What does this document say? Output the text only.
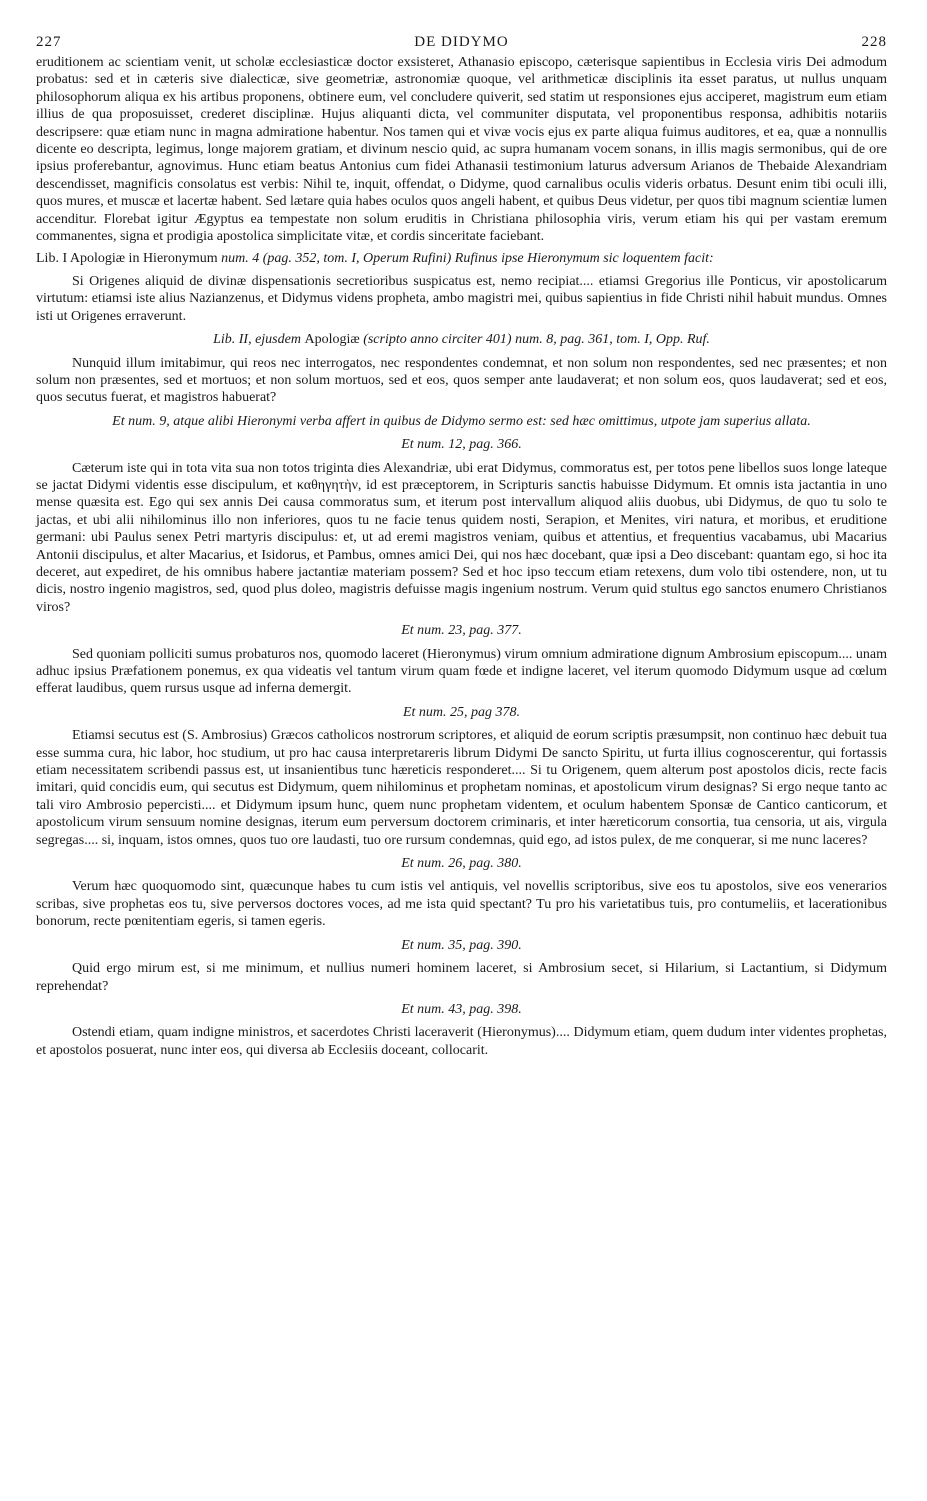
227	DE DIDYMO	228

eruditionem ac scientiam venit, ut scholæ ecclesiasticæ doctor exsisteret, Athanasio episcopo, cæterisque sapientibus in Ecclesia viris Dei admodum probatus: sed et in cæteris sive dialecticæ, sive geometriæ, astronomiæ quoque, vel arithmeticæ disciplinis ita esset paratus, ut nullus unquam philosophorum aliqua ex his artibus proponens, obtinere eum, vel concludere quiverit, sed statim ut responsiones ejus acciperet, magistrum eum etiam illius de qua proposuisset, crederet disciplinæ. Hujus aliquanti dicta, vel communiter disputata, vel proponentibus responsa, adhibitis notariis descripsere: quæ etiam nunc in magna admiratione habentur. Nos tamen qui et vivæ vocis ejus ex parte aliqua fuimus auditores, et ea, quæ a nonnullis dicente eo descripta, legimus, longe majorem gratiam, et divinum nescio quid, ac supra humanam vocem sonans, in illis magis sermonibus, qui de ore ipsius proferebantur, agnovimus. Hunc etiam beatus Antonius cum fidei Athanasii testimonium laturus adversum Arianos de Thebaide Alexandriam descendisset, magnificis consolatus est verbis: Nihil te, inquit, offendat, o Didyme, quod carnalibus oculis videris orbatus. Desunt enim tibi oculi illi, quos mures, et muscæ et lacertæ habent. Sed lætare quia habes oculos quos angeli habent, et quibus Deus videtur, per quos tibi magnum scientiæ lumen accenditur. Florebat igitur Ægyptus ea tempestate non solum eruditis in Christiana philosophia viris, verum etiam his qui per vastam eremum commanentes, signa et prodigia apostolica simplicitate vitæ, et cordis sinceritate faciebant.

Lib. I Apologiæ in Hieronymum num. 4 (pag. 352, tom. I, Operum Rufini) Rufinus ipse Hieronymum sic loquentem facit:

Si Origenes aliquid de divinæ dispensationis secretioribus suspicatus est, nemo recipiat.... etiamsi Gregorius ille Ponticus, vir apostolicarum virtutum: etiamsi iste alius Nazianzenus, et Didymus videns propheta, ambo magistri mei, quibus sapientius in fide Christi nihil habuit mundus. Omnes isti ut Origenes erraverunt.

Lib. II, ejusdem Apologiæ (scripto anno circiter 401) num. 8, pag. 361, tom. I, Opp. Ruf.

Nunquid illum imitabimur, qui reos nec interrogatos, nec respondentes condemnat, et non solum non respondentes, sed nec præsentes; et non solum non præsentes, sed et mortuos; et non solum mortuos, sed et eos, quos semper ante laudaverat; et non solum eos, quos laudaverat; sed et eos, quos secutus fuerat, et magistros habuerat?

Et num. 9, atque alibi Hieronymi verba affert in quibus de Didymo sermo est: sed hæc omittimus, utpote jam superius allata.

Et num. 12, pag. 366.

Cæterum iste qui in tota vita sua non totos triginta dies Alexandriæ, ubi erat Didymus, commoratus est, per totos pene libellos suos longe lateque se jactat Didymi videntis esse discipulum, et καθηγητὴν, id est præceptorem, in Scripturis sanctis habuisse Didymum. Et omnis ista jactantia in uno mense quæsita est. Ego qui sex annis Dei causa commoratus sum, et iterum post intervallum aliquod aliis duobus, ubi Didymus, de quo tu solo te jactas, et ubi alii nihilominus illo non inferiores, quos tu ne facie tenus quidem nosti, Serapion, et Menites, viri natura, et moribus, et eruditione germani: ubi Paulus senex Petri martyris discipulus: et, ut ad eremi magistros veniam, quibus et attentius, et frequentius vacabamus, ubi Macarius Antonii discipulus, et alter Macarius, et Isidorus, et Pambus, omnes amici Dei, qui nos hæc docebant, quæ ipsi a Deo discebant: quantam ego, si hoc ita deceret, aut expediret, de his omnibus habere jactantiæ materiam possem? Sed et hoc ipso teccum etiam retexens, dum volo tibi ostendere, non, ut tu dicis, nostro ingenio magistros, sed, quod plus doleo, magistris defuisse magis ingenium nostrum. Verum quid stultus ego sanctos enumero Christianos viros?

Et num. 23, pag. 377.

Sed quoniam polliciti sumus probaturos nos, quomodo laceret (Hieronymus) virum omnium admiratione dignum Ambrosium episcopum.... unam adhuc ipsius Præfationem ponemus, ex qua videatis vel tantum virum quam fœde et indigne laceret, vel iterum quomodo Didymum usque ad cœlum efferat laudibus, quem rursus usque ad inferna demergit.

Et num. 25, pag 378.

Etiamsi secutus est (S. Ambrosius) Græcos catholicos nostrorum scriptores, et aliquid de eorum scriptis præsumpsit, non continuo hæc debuit tua esse summa cura, hic labor, hoc studium, ut pro hac causa interpretareris librum Didymi De sancto Spiritu, ut furta illius cognoscerentur, qui fortassis etiam necessitatem scribendi passus est, ut insanientibus tunc hæreticis responderet.... Si tu Origenem, quem alterum post apostolos dicis, recte facis imitari, quid concidis eum, qui secutus est Didymum, quem nihilominus et prophetam nominas, et apostolicum virum designas? Si ergo neque tanto ac tali viro Ambrosio pepercisti.... et Didymum ipsum hunc, quem nunc prophetam videntem, et oculum habentem Sponsæ de Cantico canticorum, et apostolicum virum sensuum nomine designas, iterum eum perversum doctorem criminaris, et inter hæreticorum consortia, tua censoria, ut ais, virgula segregas.... si, inquam, istos omnes, quos tuo ore laudasti, tuo ore rursum condemnas, quid ego, ad istos pulex, de me conquerar, si me nunc laceres?

Et num. 26, pag. 380.

Verum hæc quoquomodo sint, quæcunque habes tu cum istis vel antiquis, vel novellis scriptoribus, sive eos tu apostolos, sive eos venerarios scribas, sive prophetas eos tu, sive perversos doctores voces, ad me ista quid spectant? Tu pro his varietatibus tuis, pro contumeliis, et lacerationibus bonorum, recte pœnitentiam egeris, si tamen egeris.

Et num. 35, pag. 390.

Quid ergo mirum est, si me minimum, et nullius numeri hominem laceret, si Ambrosium secet, si Hilarium, si Lactantium, si Didymum reprehendat?

Et num. 43, pag. 398.

Ostendi etiam, quam indigne ministros, et sacerdotes Christi laceraverit (Hieronymus).... Didymum etiam, quem dudum inter videntes prophetas, et apostolos posuerat, nunc inter eos, qui diversa ab Ecclesiis doceant, collocarit.
